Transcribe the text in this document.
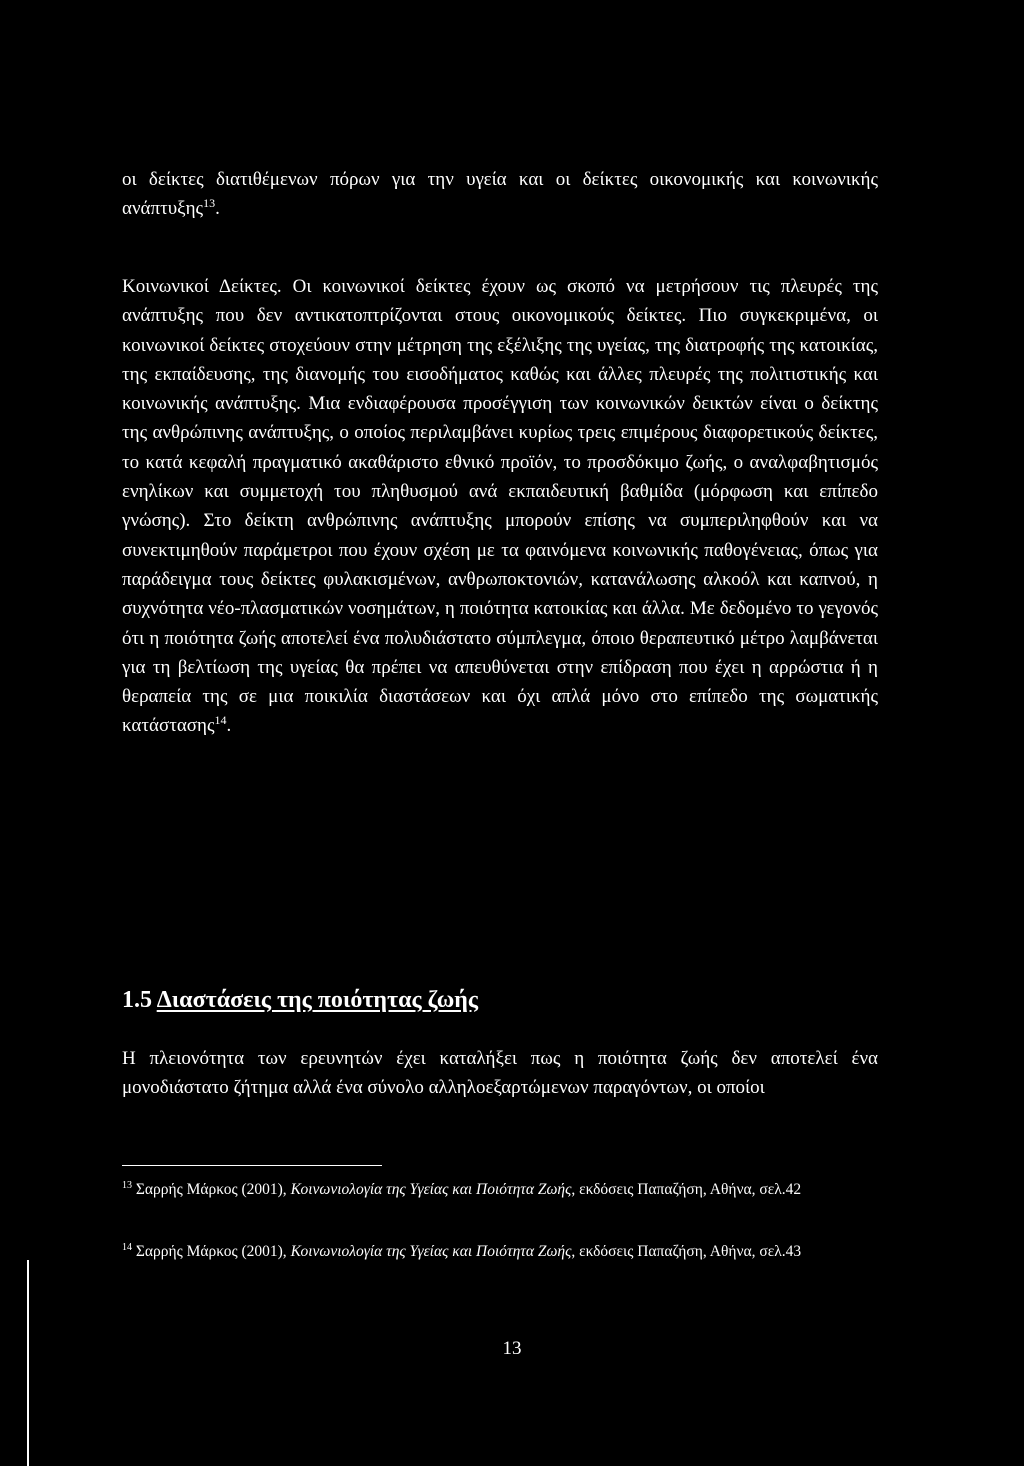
οι δείκτες διατιθέμενων πόρων για την υγεία και οι δείκτες οικονομικής και κοινωνικής ανάπτυξης$^{13}$.

Κοινωνικοί Δείκτες. Οι κοινωνικοί δείκτες έχουν ως σκοπό να μετρήσουν τις πλευρές της ανάπτυξης που δεν αντικατοπτρίζονται στους οικονομικούς δείκτες. Πιο συγκεκριμένα, οι κοινωνικοί δείκτες στοχεύουν στην μέτρηση της εξέλιξης της υγείας, της διατροφής της κατοικίας, της εκπαίδευσης, της διανομής του εισοδήματος καθώς και άλλες πλευρές της πολιτιστικής και κοινωνικής ανάπτυξης. Μια ενδιαφέρουσα προσέγγιση των κοινωνικών δεικτών είναι ο δείκτης της ανθρώπινης ανάπτυξης, ο οποίος περιλαμβάνει κυρίως τρεις επιμέρους διαφορετικούς δείκτες, το κατά κεφαλή πραγματικό ακαθάριστο εθνικό προϊόν, το προσδόκιμο ζωής, ο αναλφαβητισμός ενηλίκων και συμμετοχή του πληθυσμού ανά εκπαιδευτική βαθμίδα (μόρφωση και επίπεδο γνώσης). Στο δείκτη ανθρώπινης ανάπτυξης μπορούν επίσης να συμπεριληφθούν και να συνεκτιμηθούν παράμετροι που έχουν σχέση με τα φαινόμενα κοινωνικής παθογένειας, όπως για παράδειγμα τους δείκτες φυλακισμένων, ανθρωποκτονιών, κατανάλωσης αλκοόλ και καπνού, η συχνότητα νέο-πλασματικών νοσημάτων, η ποιότητα κατοικίας και άλλα. Με δεδομένο το γεγονός ότι η ποιότητα ζωής αποτελεί ένα πολυδιάστατο σύμπλεγμα, όποιο θεραπευτικό μέτρο λαμβάνεται για τη βελτίωση της υγείας θα πρέπει να απευθύνεται στην επίδραση που έχει η αρρώστια ή η θεραπεία της σε μια ποικιλία διαστάσεων και όχι απλά μόνο στο επίπεδο της σωματικής κατάστασης$^{14}$.

1.5 Διαστάσεις της ποιότητας ζωής

Η πλειονότητα των ερευνητών έχει καταλήξει πως η ποιότητα ζωής δεν αποτελεί ένα μονοδιάστατο ζήτημα αλλά ένα σύνολο αλληλοεξαρτώμενων παραγόντων, οι οποίοι

$^{13}$ Σαρρής Μάρκος (2001), Κοινωνιολογία της Υγείας και Ποιότητα Ζωής, εκδόσεις Παπαζήση, Αθήνα, σελ.42

$^{14}$ Σαρρής Μάρκος (2001), Κοινωνιολογία της Υγείας και Ποιότητα Ζωής, εκδόσεις Παπαζήση, Αθήνα, σελ.43

13
